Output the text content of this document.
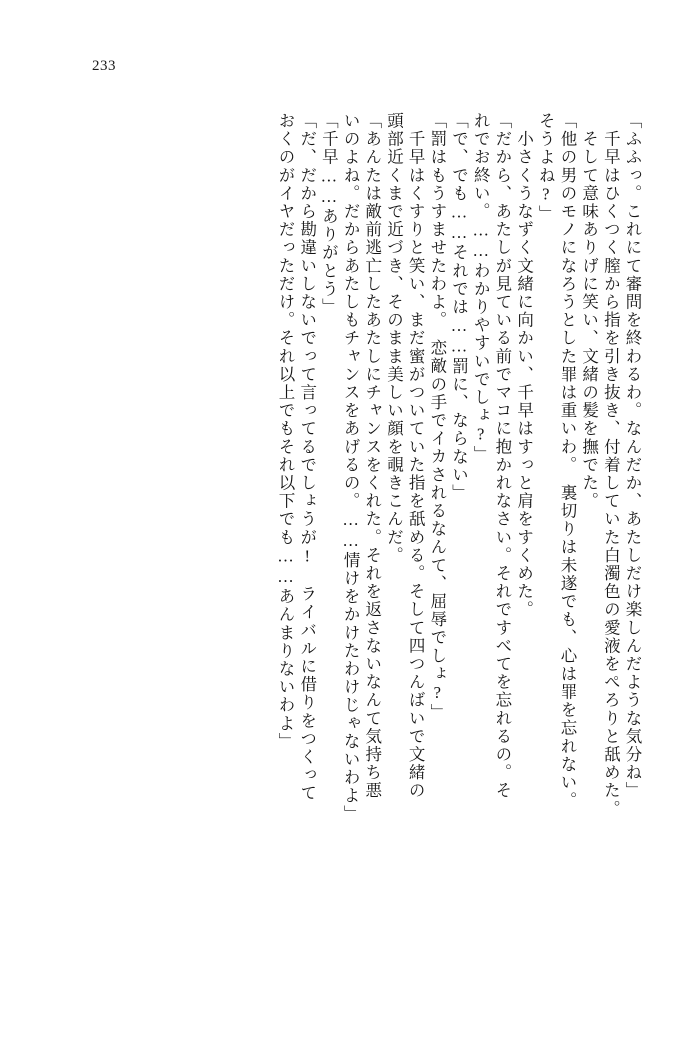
233
「ふふっ。これにて審問を終わるわ。なんだか、あたしだけ楽しんだような気分ね」
　千早はひくつく膣から指を引き抜き、付着していた白濁色の愛液をぺろりと舐めた。
　そして意味ありげに笑い、文緒の髪を撫でた。
「他の男のモノになろうとした罪は重いわ。　裏切りは未遂でも、心は罪を忘れない。
そうよね?」
　小さくうなずく文緒に向かい、千早はすっと肩をすくめた。
「だから、あたしが見ている前でマコに抱かれなさい。それですべてを忘れるの。そ
れでお終い。……わかりやすいでしょ?」
「で、でも……それでは……罰に、ならない」
「罰はもうすませたわよ。　恋敵の手でイカされるなんて、屈辱でしょ?」
　千早はくすりと笑い、まだ蜜がついていた指を舐める。そして四つんばいで文緒の
頭部近くまで近づき、そのまま美しい顔を覗きこんだ。
「あんたは敵前逃亡したあたしにチャンスをくれた。それを返さないなんて気持ち悪
いのよね。だからあたしもチャンスをあげるの。……情けをかけたわけじゃないわよ」
「千早……ありがとう」
「だ、だから勘違いしないでって言ってるでしょうが!　ライバルに借りをつくって
おくのがイヤだっただけ。それ以上でもそれ以下でも……あんまりないわよ」
